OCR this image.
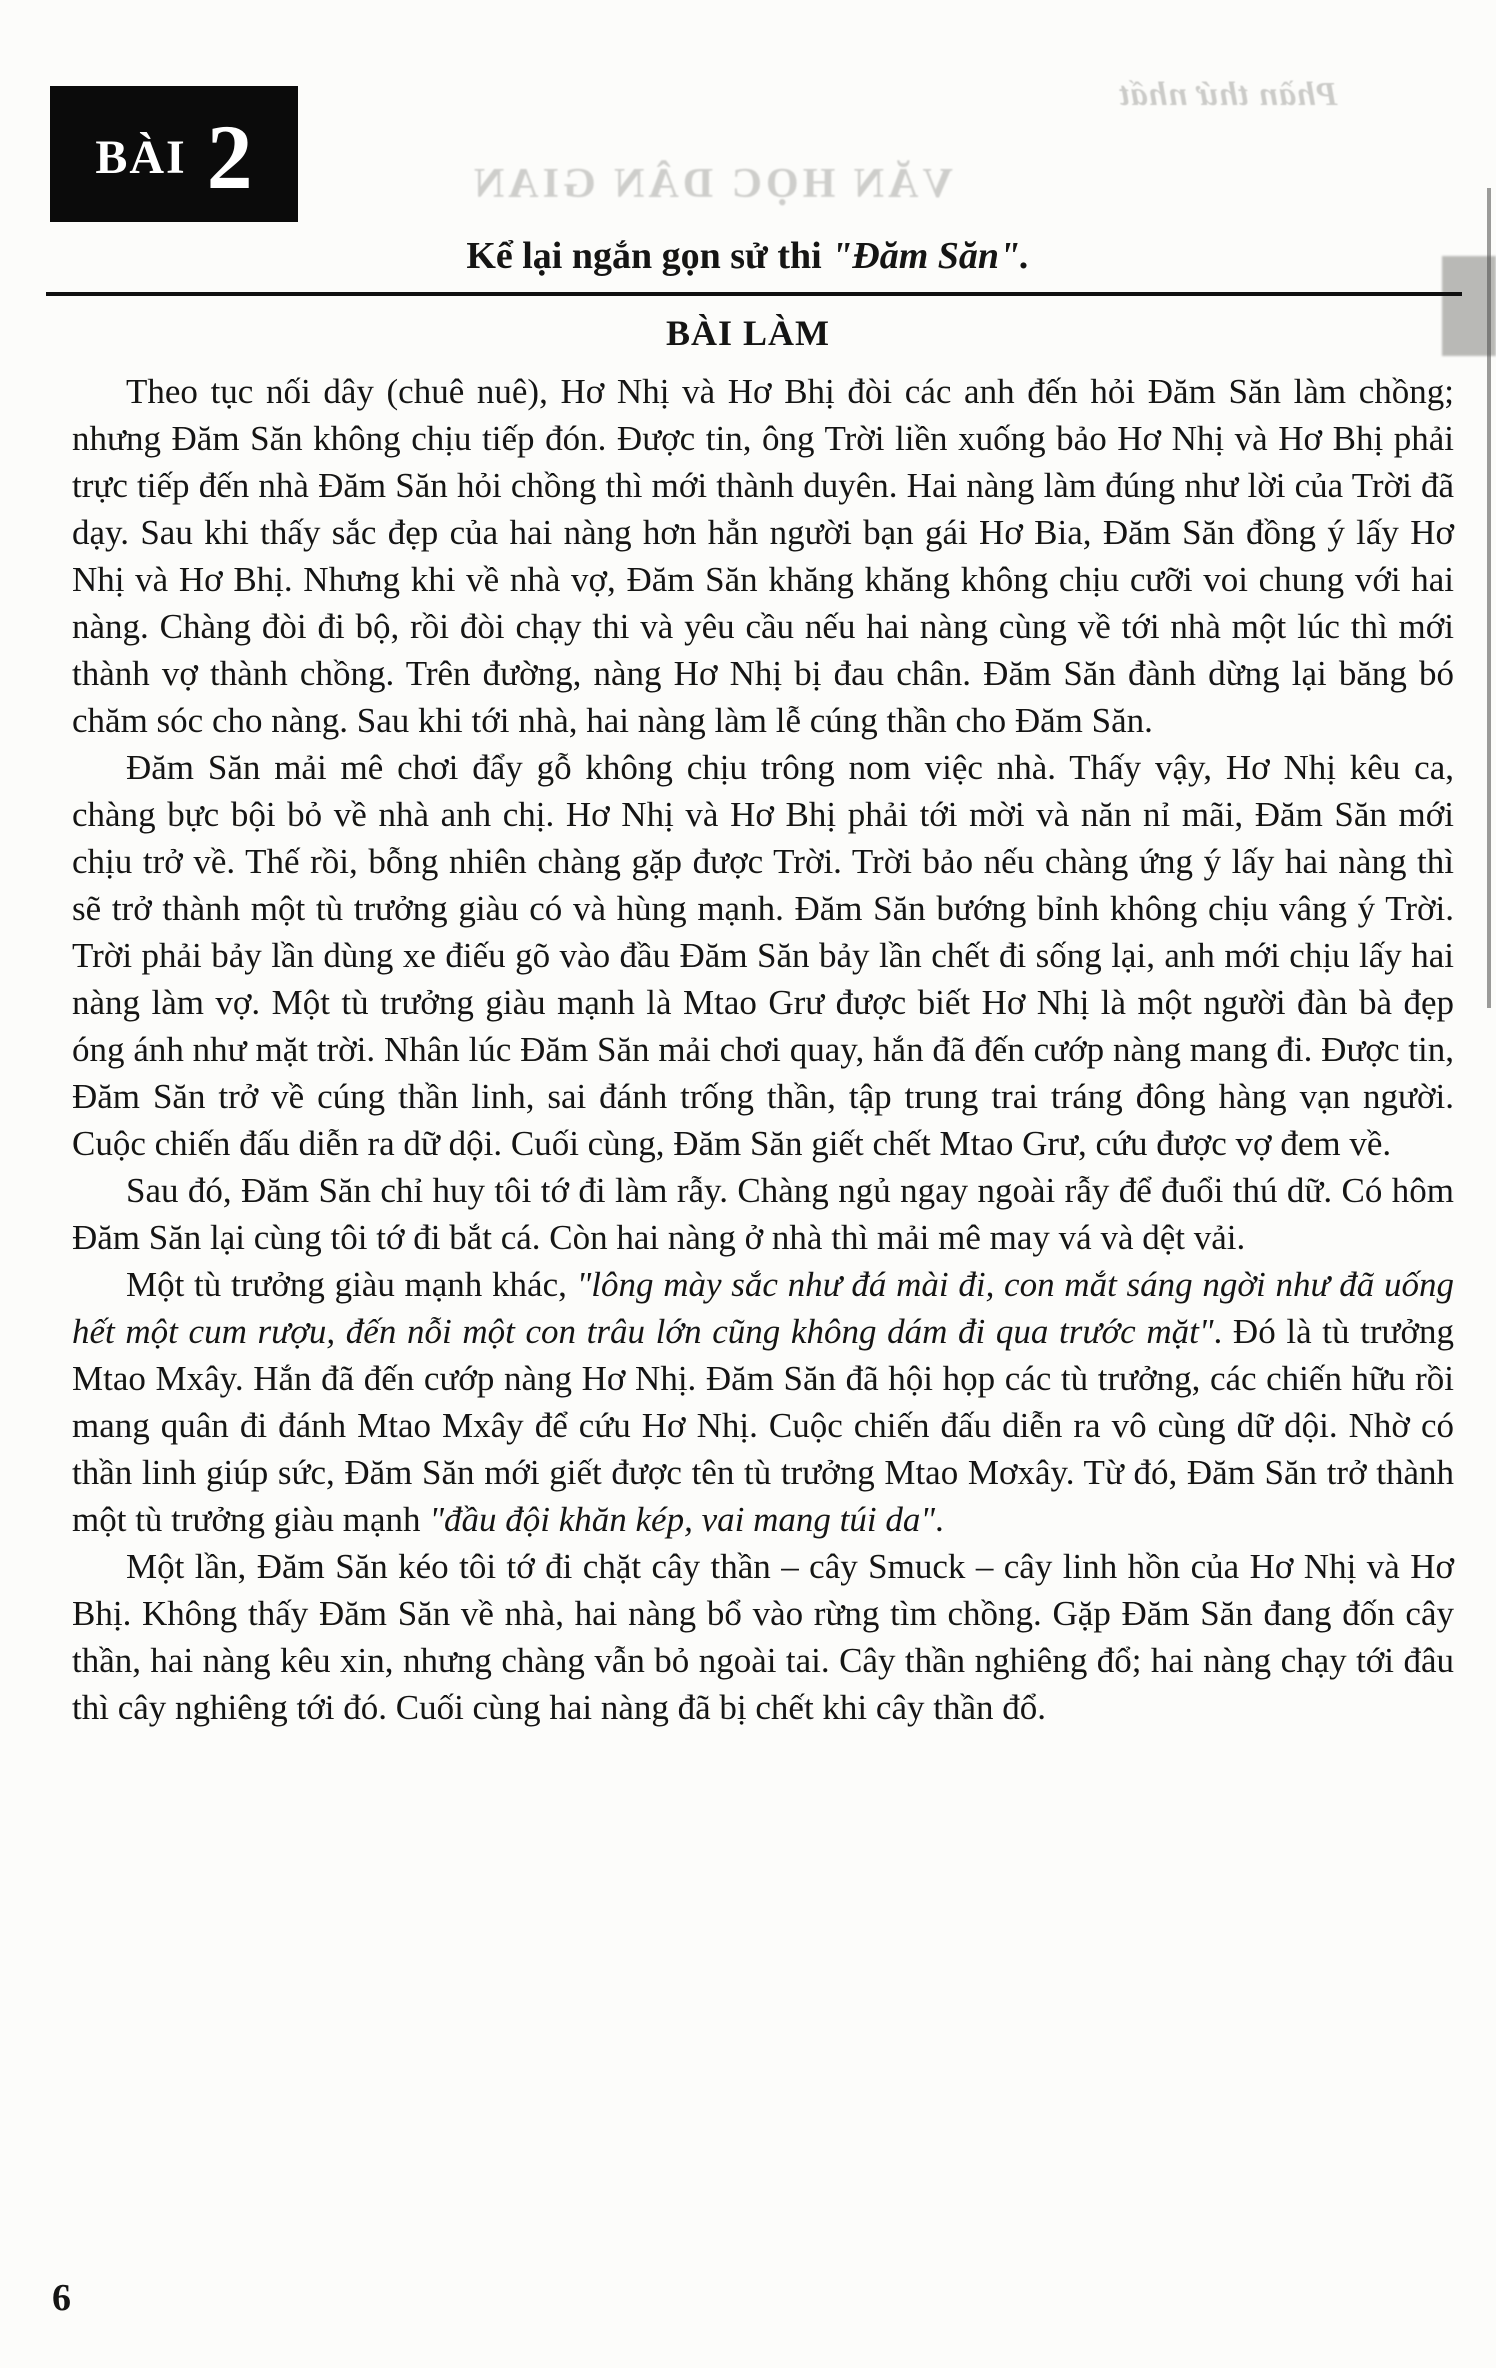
Phần thứ nhất
VĂN HỌC DÂN GIAN
BÀI 2
Kể lại ngắn gọn sử thi "Đăm Săn".
BÀI LÀM

Theo tục nối dây (chuê nuê), Hơ Nhị và Hơ Bhị đòi các anh đến hỏi Đăm Săn làm chồng; nhưng Đăm Săn không chịu tiếp đón. Được tin, ông Trời liền xuống bảo Hơ Nhị và Hơ Bhị phải trực tiếp đến nhà Đăm Săn hỏi chồng thì mới thành duyên. Hai nàng làm đúng như lời của Trời đã dạy. Sau khi thấy sắc đẹp của hai nàng hơn hẳn người bạn gái Hơ Bia, Đăm Săn đồng ý lấy Hơ Nhị và Hơ Bhị. Nhưng khi về nhà vợ, Đăm Săn khăng khăng không chịu cưỡi voi chung với hai nàng. Chàng đòi đi bộ, rồi đòi chạy thi và yêu cầu nếu hai nàng cùng về tới nhà một lúc thì mới thành vợ thành chồng. Trên đường, nàng Hơ Nhị bị đau chân. Đăm Săn đành dừng lại băng bó chăm sóc cho nàng. Sau khi tới nhà, hai nàng làm lễ cúng thần cho Đăm Săn.

Đăm Săn mải mê chơi đẩy gỗ không chịu trông nom việc nhà. Thấy vậy, Hơ Nhị kêu ca, chàng bực bội bỏ về nhà anh chị. Hơ Nhị và Hơ Bhị phải tới mời và năn nỉ mãi, Đăm Săn mới chịu trở về. Thế rồi, bỗng nhiên chàng gặp được Trời. Trời bảo nếu chàng ứng ý lấy hai nàng thì sẽ trở thành một tù trưởng giàu có và hùng mạnh. Đăm Săn bướng bỉnh không chịu vâng ý Trời. Trời phải bảy lần dùng xe điếu gõ vào đầu Đăm Săn bảy lần chết đi sống lại, anh mới chịu lấy hai nàng làm vợ. Một tù trưởng giàu mạnh là Mtao Grư được biết Hơ Nhị là một người đàn bà đẹp óng ánh như mặt trời. Nhân lúc Đăm Săn mải chơi quay, hắn đã đến cướp nàng mang đi. Được tin, Đăm Săn trở về cúng thần linh, sai đánh trống thần, tập trung trai tráng đông hàng vạn người. Cuộc chiến đấu diễn ra dữ dội. Cuối cùng, Đăm Săn giết chết Mtao Grư, cứu được vợ đem về.

Sau đó, Đăm Săn chỉ huy tôi tớ đi làm rẫy. Chàng ngủ ngay ngoài rẫy để đuổi thú dữ. Có hôm Đăm Săn lại cùng tôi tớ đi bắt cá. Còn hai nàng ở nhà thì mải mê may vá và dệt vải.

Một tù trưởng giàu mạnh khác, "lông mày sắc như đá mài đi, con mắt sáng ngời như đã uống hết một cum rượu, đến nỗi một con trâu lớn cũng không dám đi qua trước mặt". Đó là tù trưởng Mtao Mxây. Hắn đã đến cướp nàng Hơ Nhị. Đăm Săn đã hội họp các tù trưởng, các chiến hữu rồi mang quân đi đánh Mtao Mxây để cứu Hơ Nhị. Cuộc chiến đấu diễn ra vô cùng dữ dội. Nhờ có thần linh giúp sức, Đăm Săn mới giết được tên tù trưởng Mtao Mơxây. Từ đó, Đăm Săn trở thành một tù trưởng giàu mạnh "đầu đội khăn kép, vai mang túi da".

Một lần, Đăm Săn kéo tôi tớ đi chặt cây thần – cây Smuck – cây linh hồn của Hơ Nhị và Hơ Bhị. Không thấy Đăm Săn về nhà, hai nàng bổ vào rừng tìm chồng. Gặp Đăm Săn đang đốn cây thần, hai nàng kêu xin, nhưng chàng vẫn bỏ ngoài tai. Cây thần nghiêng đổ; hai nàng chạy tới đâu thì cây nghiêng tới đó. Cuối cùng hai nàng đã bị chết khi cây thần đổ.

6
